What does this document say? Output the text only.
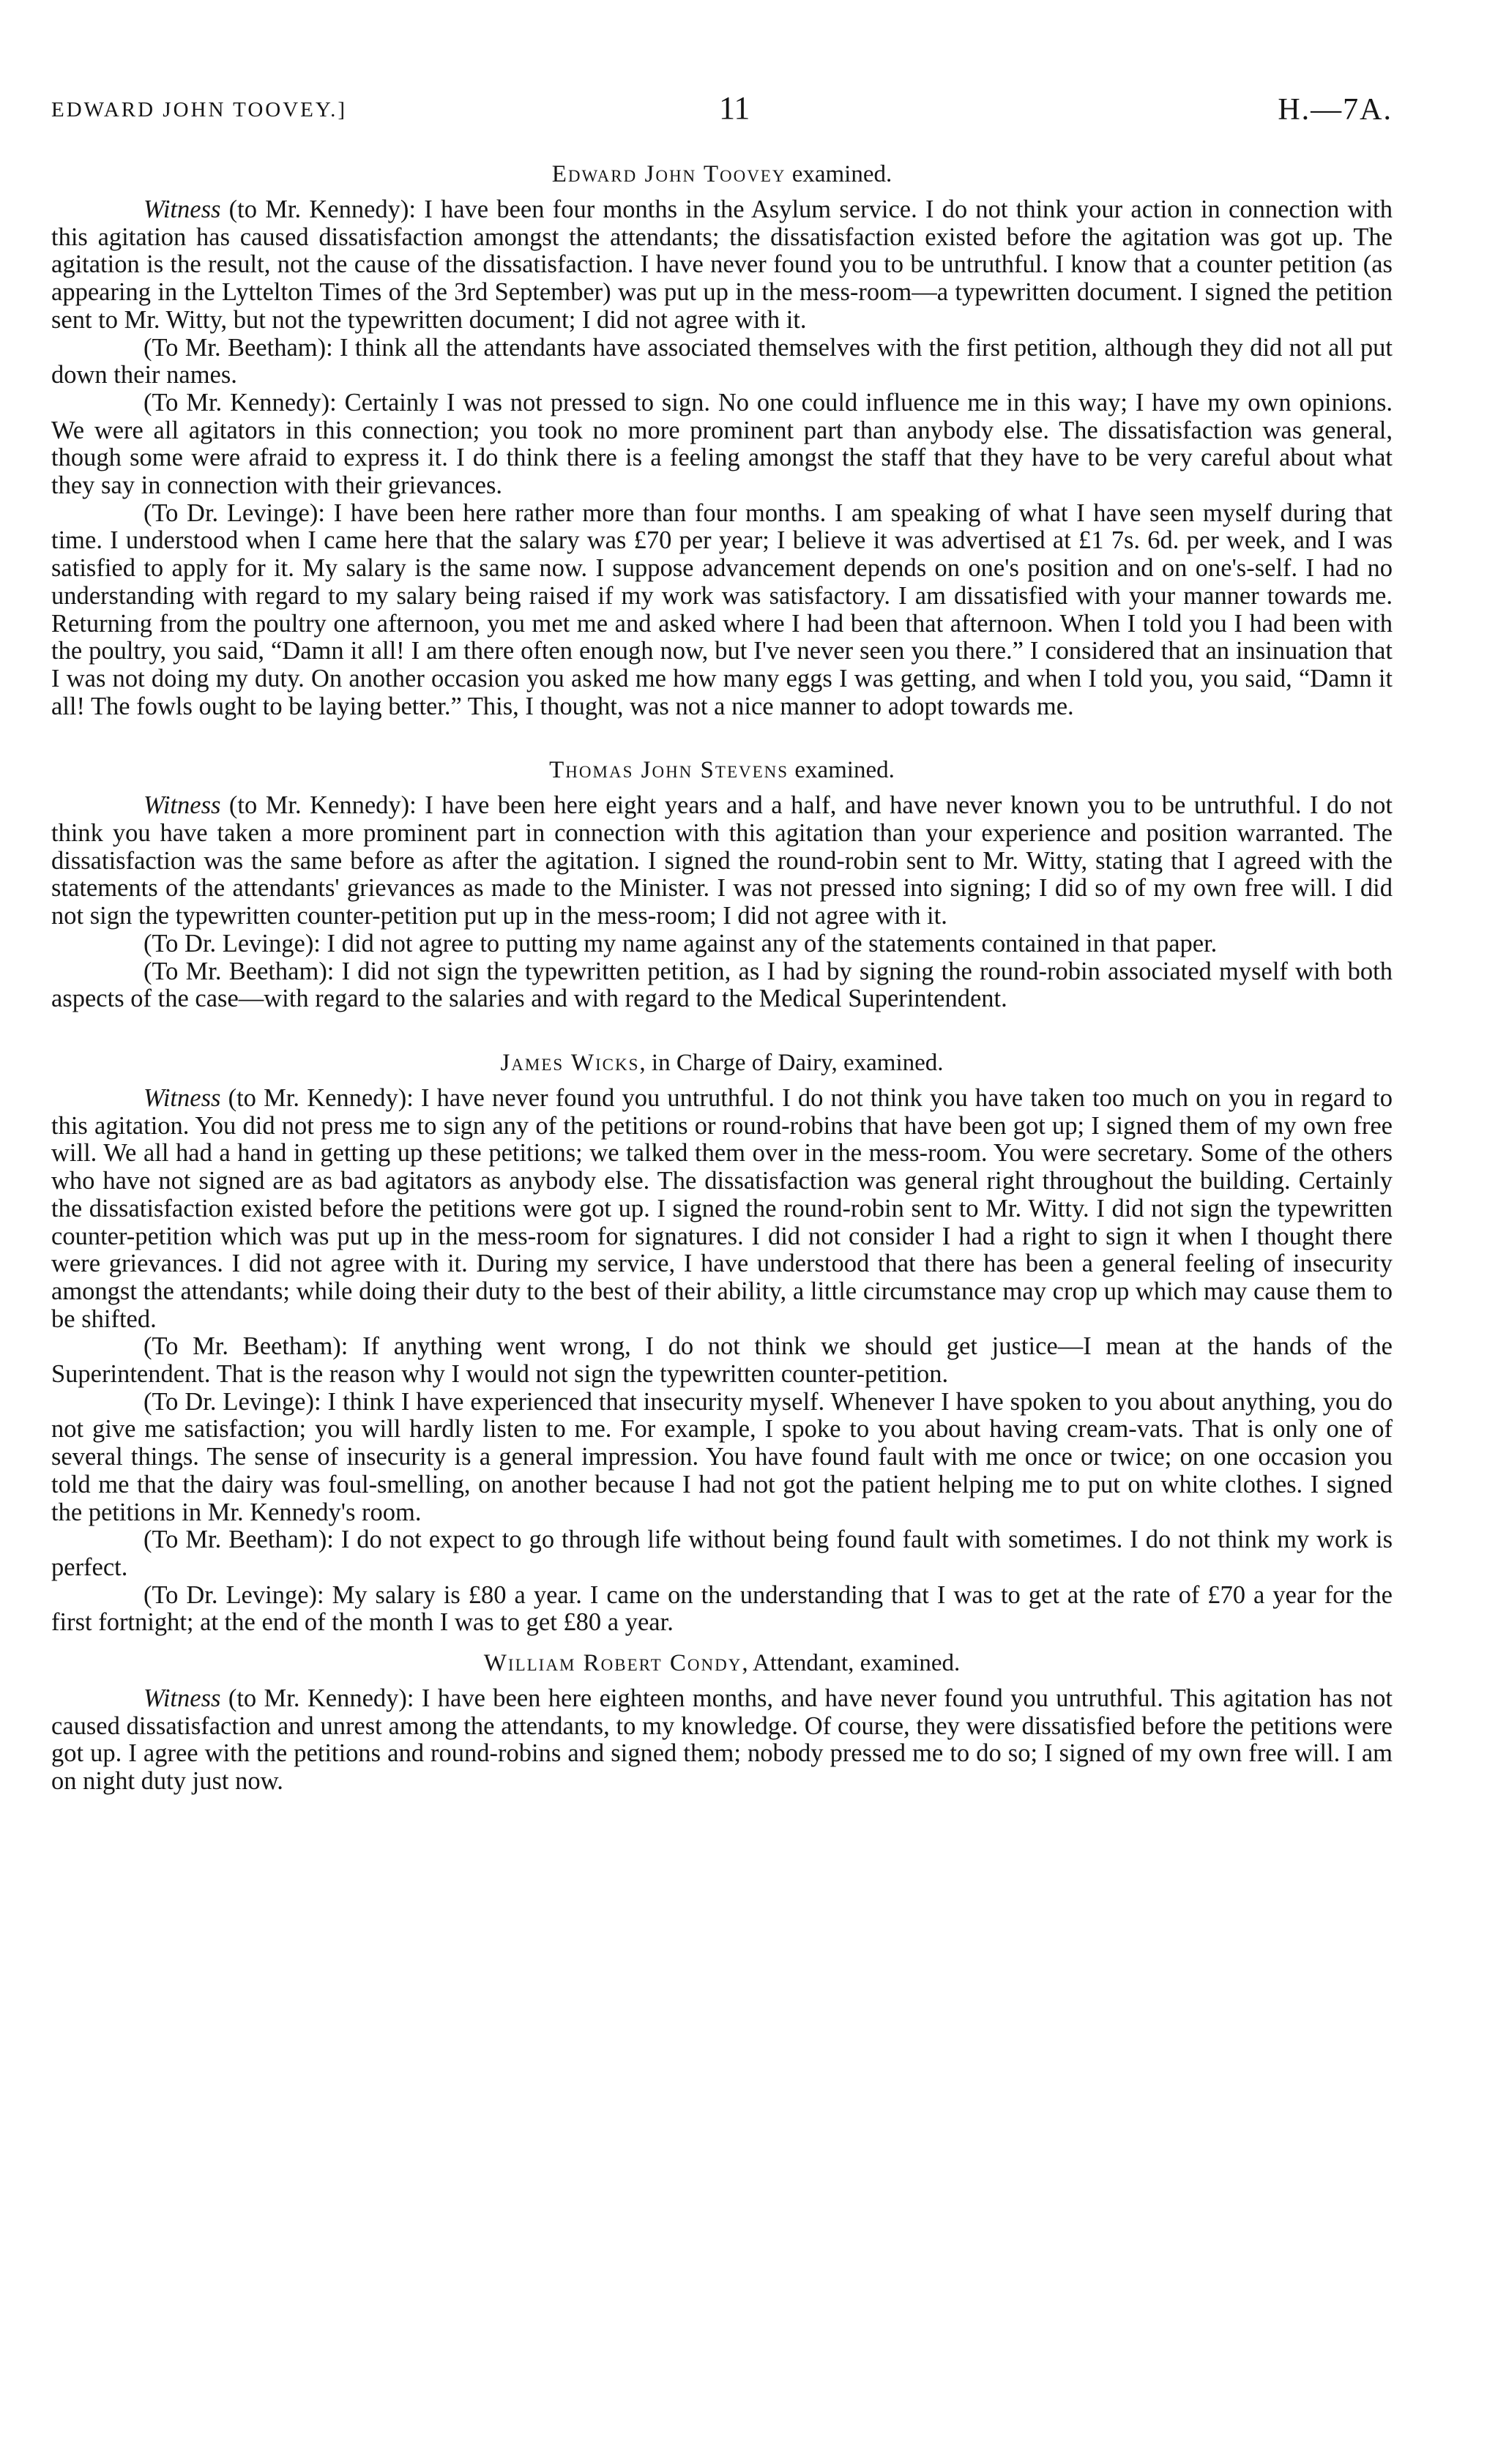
EDWARD JOHN TOOVEY.]	11	H.—7A.
Edward John Toovey examined.

Witness (to Mr. Kennedy): I have been four months in the Asylum service. I do not think your action in connection with this agitation has caused dissatisfaction amongst the attendants; the dissatisfaction existed before the agitation was got up. The agitation is the result, not the cause of the dissatisfaction. I have never found you to be untruthful. I know that a counter petition (as appearing in the Lyttelton Times of the 3rd September) was put up in the mess-room—a typewritten document. I signed the petition sent to Mr. Witty, but not the typewritten document; I did not agree with it.

(To Mr. Beetham): I think all the attendants have associated themselves with the first petition, although they did not all put down their names.

(To Mr. Kennedy): Certainly I was not pressed to sign. No one could influence me in this way; I have my own opinions. We were all agitators in this connection; you took no more prominent part than anybody else. The dissatisfaction was general, though some were afraid to express it. I do think there is a feeling amongst the staff that they have to be very careful about what they say in connection with their grievances.

(To Dr. Levinge): I have been here rather more than four months. I am speaking of what I have seen myself during that time. I understood when I came here that the salary was £70 per year; I believe it was advertised at £1 7s. 6d. per week, and I was satisfied to apply for it. My salary is the same now. I suppose advancement depends on one's position and on one's-self. I had no understanding with regard to my salary being raised if my work was satisfactory. I am dissatisfied with your manner towards me. Returning from the poultry one afternoon, you met me and asked where I had been that afternoon. When I told you I had been with the poultry, you said, “Damn it all! I am there often enough now, but I've never seen you there.” I considered that an insinuation that I was not doing my duty. On another occasion you asked me how many eggs I was getting, and when I told you, you said, “Damn it all! The fowls ought to be laying better.” This, I thought, was not a nice manner to adopt towards me.

Thomas John Stevens examined.

Witness (to Mr. Kennedy): I have been here eight years and a half, and have never known you to be untruthful. I do not think you have taken a more prominent part in connection with this agitation than your experience and position warranted. The dissatisfaction was the same before as after the agitation. I signed the round-robin sent to Mr. Witty, stating that I agreed with the statements of the attendants' grievances as made to the Minister. I was not pressed into signing; I did so of my own free will. I did not sign the typewritten counter-petition put up in the mess-room; I did not agree with it.

(To Dr. Levinge): I did not agree to putting my name against any of the statements contained in that paper.

(To Mr. Beetham): I did not sign the typewritten petition, as I had by signing the round-robin associated myself with both aspects of the case—with regard to the salaries and with regard to the Medical Superintendent.

James Wicks, in Charge of Dairy, examined.

Witness (to Mr. Kennedy): I have never found you untruthful. I do not think you have taken too much on you in regard to this agitation. You did not press me to sign any of the petitions or round-robins that have been got up; I signed them of my own free will. We all had a hand in getting up these petitions; we talked them over in the mess-room. You were secretary. Some of the others who have not signed are as bad agitators as anybody else. The dissatisfaction was general right throughout the building. Certainly the dissatisfaction existed before the petitions were got up. I signed the round-robin sent to Mr. Witty. I did not sign the typewritten counter-petition which was put up in the mess-room for signatures. I did not consider I had a right to sign it when I thought there were grievances. I did not agree with it. During my service, I have understood that there has been a general feeling of insecurity amongst the attendants; while doing their duty to the best of their ability, a little circumstance may crop up which may cause them to be shifted.

(To Mr. Beetham): If anything went wrong, I do not think we should get justice—I mean at the hands of the Superintendent. That is the reason why I would not sign the typewritten counter-petition.

(To Dr. Levinge): I think I have experienced that insecurity myself. Whenever I have spoken to you about anything, you do not give me satisfaction; you will hardly listen to me. For example, I spoke to you about having cream-vats. That is only one of several things. The sense of insecurity is a general impression. You have found fault with me once or twice; on one occasion you told me that the dairy was foul-smelling, on another because I had not got the patient helping me to put on white clothes. I signed the petitions in Mr. Kennedy's room.

(To Mr. Beetham): I do not expect to go through life without being found fault with sometimes. I do not think my work is perfect.

(To Dr. Levinge): My salary is £80 a year. I came on the understanding that I was to get at the rate of £70 a year for the first fortnight; at the end of the month I was to get £80 a year.

William Robert Condy, Attendant, examined.

Witness (to Mr. Kennedy): I have been here eighteen months, and have never found you untruthful. This agitation has not caused dissatisfaction and unrest among the attendants, to my knowledge. Of course, they were dissatisfied before the petitions were got up. I agree with the petitions and round-robins and signed them; nobody pressed me to do so; I signed of my own free will. I am on night duty just now.
